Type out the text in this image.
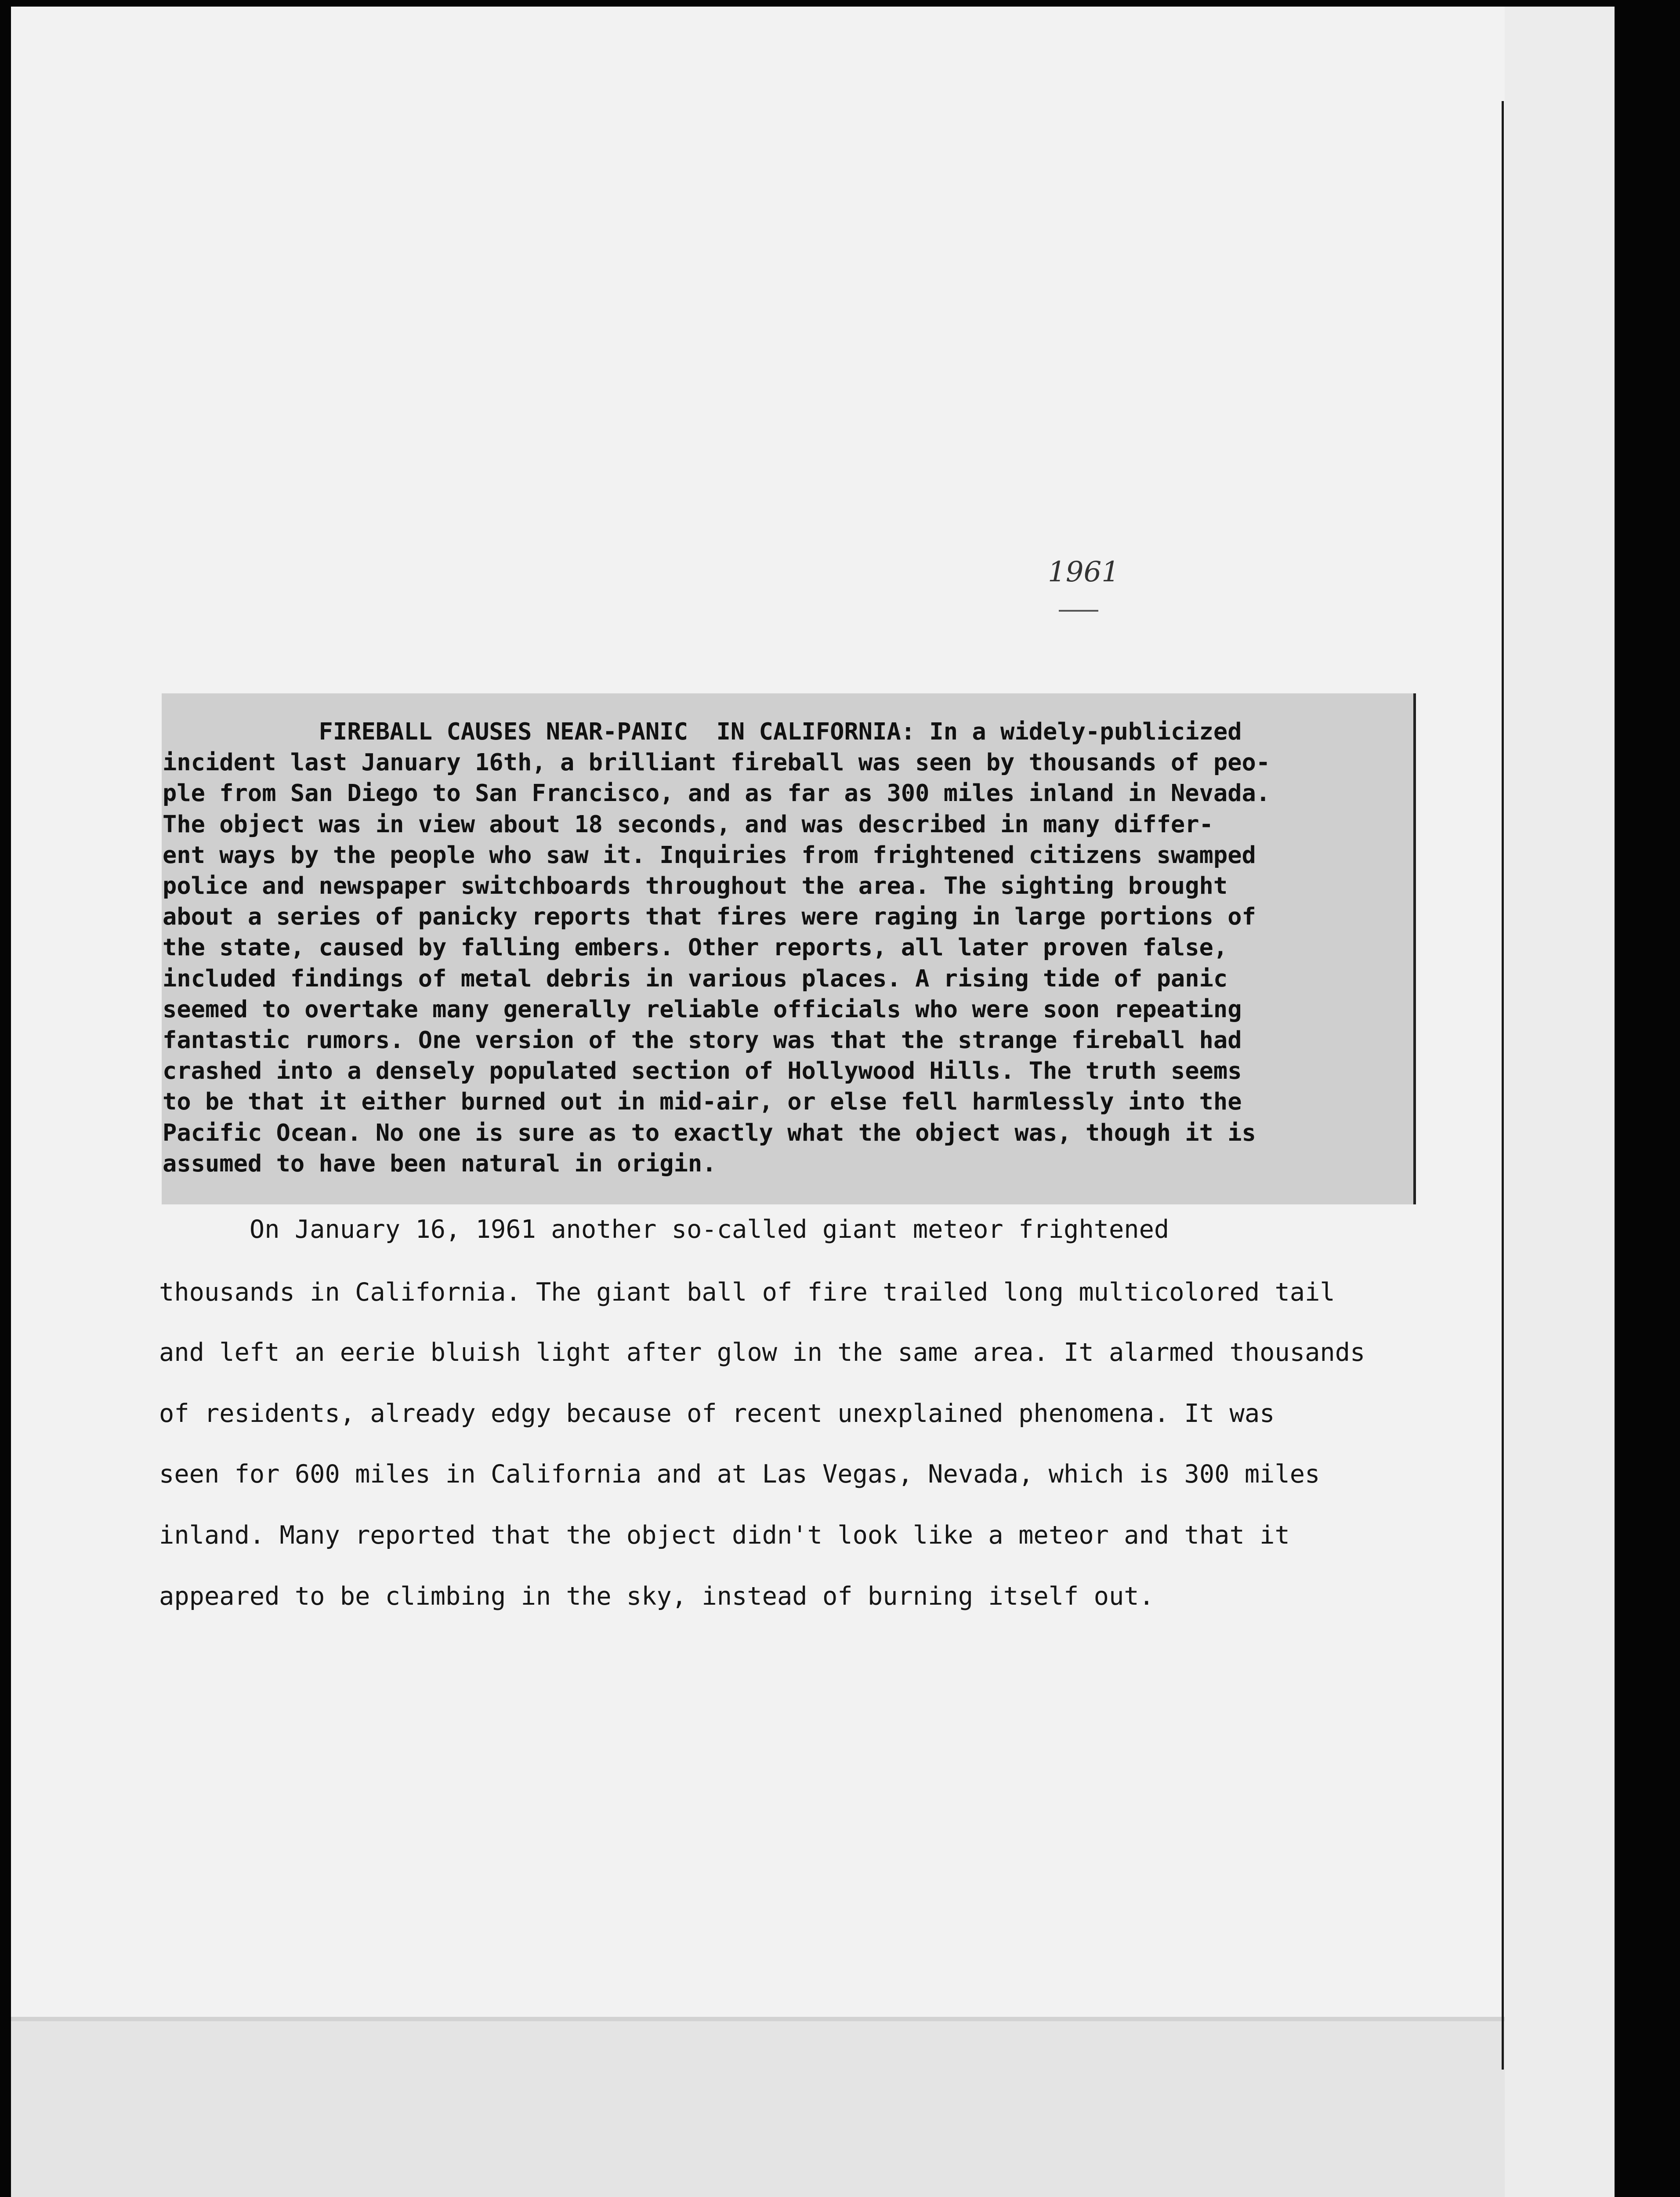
1961
FIREBALL CAUSES NEAR-PANIC  IN CALIFORNIA: In a widely-publicized
incident last January 16th, a brilliant fireball was seen by thousands of peo-
ple from San Diego to San Francisco, and as far as 300 miles inland in Nevada.
The object was in view about 18 seconds, and was described in many differ-
ent ways by the people who saw it. Inquiries from frightened citizens swamped
police and newspaper switchboards throughout the area. The sighting brought
about a series of panicky reports that fires were raging in large portions of
the state, caused by falling embers. Other reports, all later proven false,
included findings of metal debris in various places. A rising tide of panic
seemed to overtake many generally reliable officials who were soon repeating
fantastic rumors. One version of the story was that the strange fireball had
crashed into a densely populated section of Hollywood Hills. The truth seems
to be that it either burned out in mid-air, or else fell harmlessly into the
Pacific Ocean. No one is sure as to exactly what the object was, though it is
assumed to have been natural in origin.
On January 16, 1961 another so-called giant meteor frightened
thousands in California. The giant ball of fire trailed long multicolored tail
and left an eerie bluish light after glow in the same area. It alarmed thousands
of residents, already edgy because of recent unexplained phenomena. It was
seen for 600 miles in California and at Las Vegas, Nevada, which is 300 miles
inland. Many reported that the object didn't look like a meteor and that it
appeared to be climbing in the sky, instead of burning itself out.
